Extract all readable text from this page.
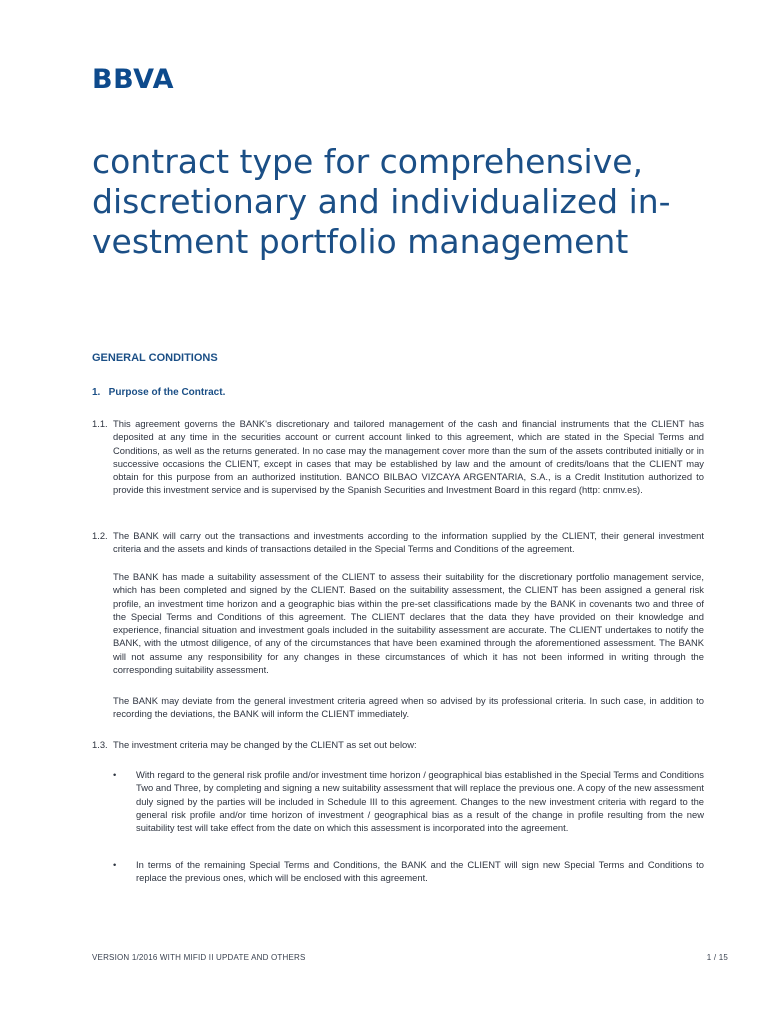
BBVA
contract type for comprehensive,
discretionary and individualized in-
vestment portfolio management
GENERAL CONDITIONS
1.   Purpose of the Contract.
1.1. This agreement governs the BANK's discretionary and tailored management of the cash and financial instruments that the CLIENT has deposited at any time in the securities account or current account linked to this agreement, which are stated in the Special Terms and Conditions, as well as the returns generated. In no case may the management cover more than the sum of the assets contributed initially or in successive occasions the CLIENT, except in cases that may be established by law and the amount of credits/loans that the CLIENT may obtain for this purpose from an authorized institution. BANCO BILBAO VIZCAYA ARGENTARIA, S.A., is a Credit Institution authorized to provide this investment service and is supervised by the Spanish Securities and Investment Board in this regard (http: cnmv.es).
1.2. The BANK will carry out the transactions and investments according to the information supplied by the CLIENT, their general investment criteria and the assets and kinds of transactions detailed in the Special Terms and Conditions of the agreement.
The BANK has made a suitability assessment of the CLIENT to assess their suitability for the discretionary portfolio management service, which has been completed and signed by the CLIENT. Based on the suitability assessment, the CLIENT has been assigned a general risk profile, an investment time horizon and a geographic bias within the pre-set classifications made by the BANK in covenants two and three of the Special Terms and Conditions of this agreement. The CLIENT declares that the data they have provided on their knowledge and experience, financial situation and investment goals included in the suitability assessment are accurate. The CLIENT undertakes to notify the BANK, with the utmost diligence, of any of the circumstances that have been examined through the aforementioned assessment. The BANK will not assume any responsibility for any changes in these circumstances of which it has not been informed in writing through the corresponding suitability assessment.
The BANK may deviate from the general investment criteria agreed when so advised by its professional criteria. In such case, in addition to recording the deviations, the BANK will inform the CLIENT immediately.
1.3. The investment criteria may be changed by the CLIENT as set out below:
•	With regard to the general risk profile and/or investment time horizon / geographical bias established in the Special Terms and Conditions Two and Three, by completing and signing a new suitability assessment that will replace the previous one. A copy of the new assessment duly signed by the parties will be included in Schedule III to this agreement. Changes to the new investment criteria with regard to the general risk profile and/or time horizon of investment / geographical bias as a result of the change in profile resulting from the new suitability test will take effect from the date on which this assessment is incorporated into the agreement.
•	In terms of the remaining Special Terms and Conditions, the BANK and the CLIENT will sign new Special Terms and Conditions to replace the previous ones, which will be enclosed with this agreement.
VERSION 1/2016 WITH MIFID II UPDATE AND OTHERS	1 / 15
